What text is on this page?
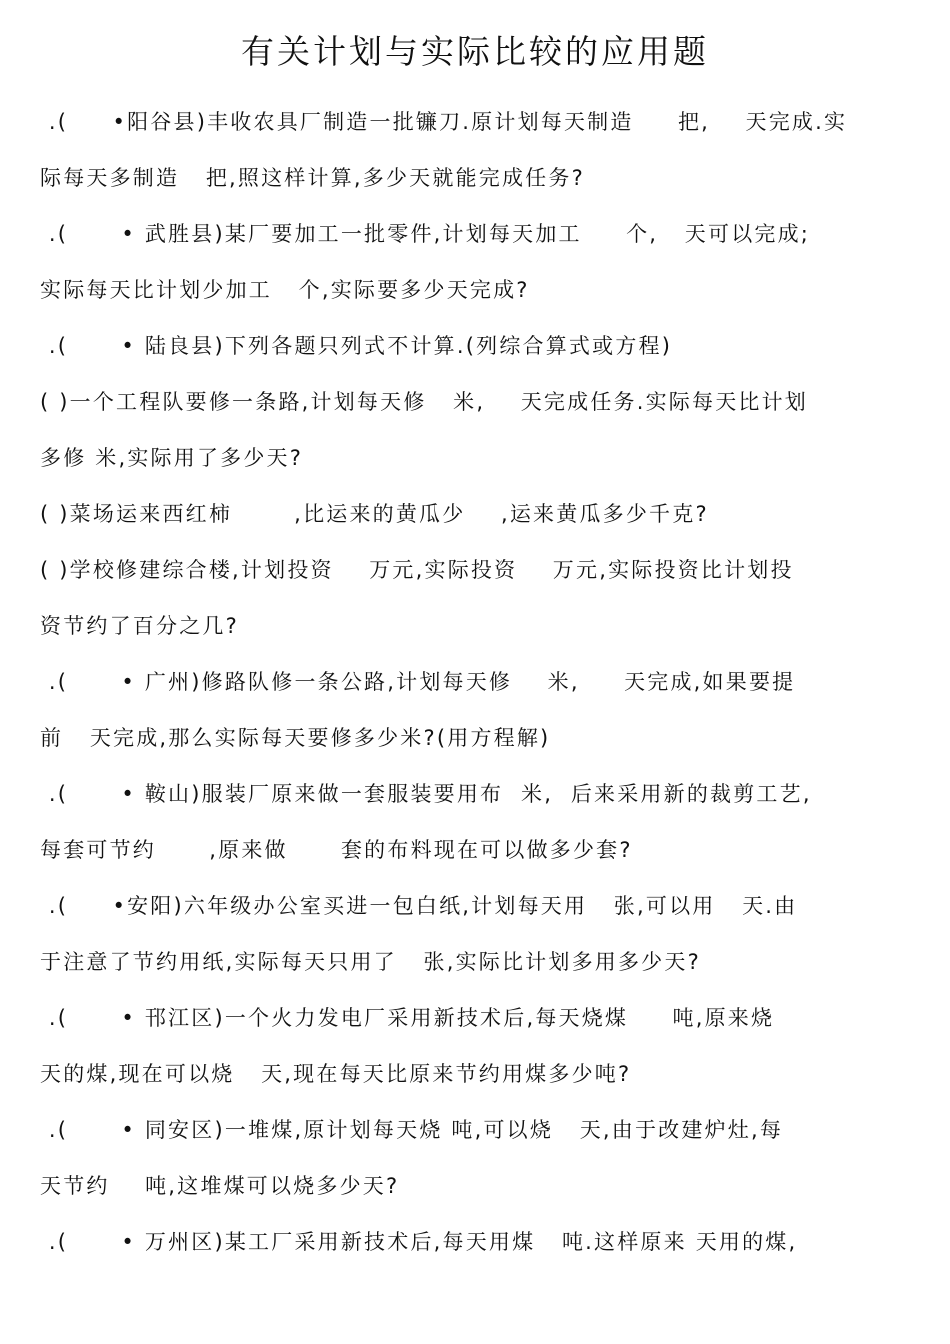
有关计划与实际比较的应用题
.(     •阳谷县)丰收农具厂制造一批镰刀.原计划每天制造     把,    天完成.实
际每天多制造   把,照这样计算,多少天就能完成任务?
.(      • 武胜县)某厂要加工一批零件,计划每天加工     个,   天可以完成;
实际每天比计划少加工   个,实际要多少天完成?
.(      • 陆良县)下列各题只列式不计算.(列综合算式或方程)
( )一个工程队要修一条路,计划每天修   米,    天完成任务.实际每天比计划
多修 米,实际用了多少天?
( )菜场运来西红柿       ,比运来的黄瓜少    ,运来黄瓜多少千克?
( )学校修建综合楼,计划投资    万元,实际投资    万元,实际投资比计划投
资节约了百分之几?
.(      • 广州)修路队修一条公路,计划每天修    米,     天完成,如果要提
前   天完成,那么实际每天要修多少米?(用方程解)
.(      • 鞍山)服装厂原来做一套服装要用布  米,  后来采用新的裁剪工艺,
每套可节约      ,原来做      套的布料现在可以做多少套?
.(     •安阳)六年级办公室买进一包白纸,计划每天用   张,可以用   天.由
于注意了节约用纸,实际每天只用了   张,实际比计划多用多少天?
.(      • 邗江区)一个火力发电厂采用新技术后,每天烧煤     吨,原来烧
天的煤,现在可以烧   天,现在每天比原来节约用煤多少吨?
.(      • 同安区)一堆煤,原计划每天烧 吨,可以烧   天,由于改建炉灶,每
天节约    吨,这堆煤可以烧多少天?
.(      • 万州区)某工厂采用新技术后,每天用煤   吨.这样原来 天用的煤,
